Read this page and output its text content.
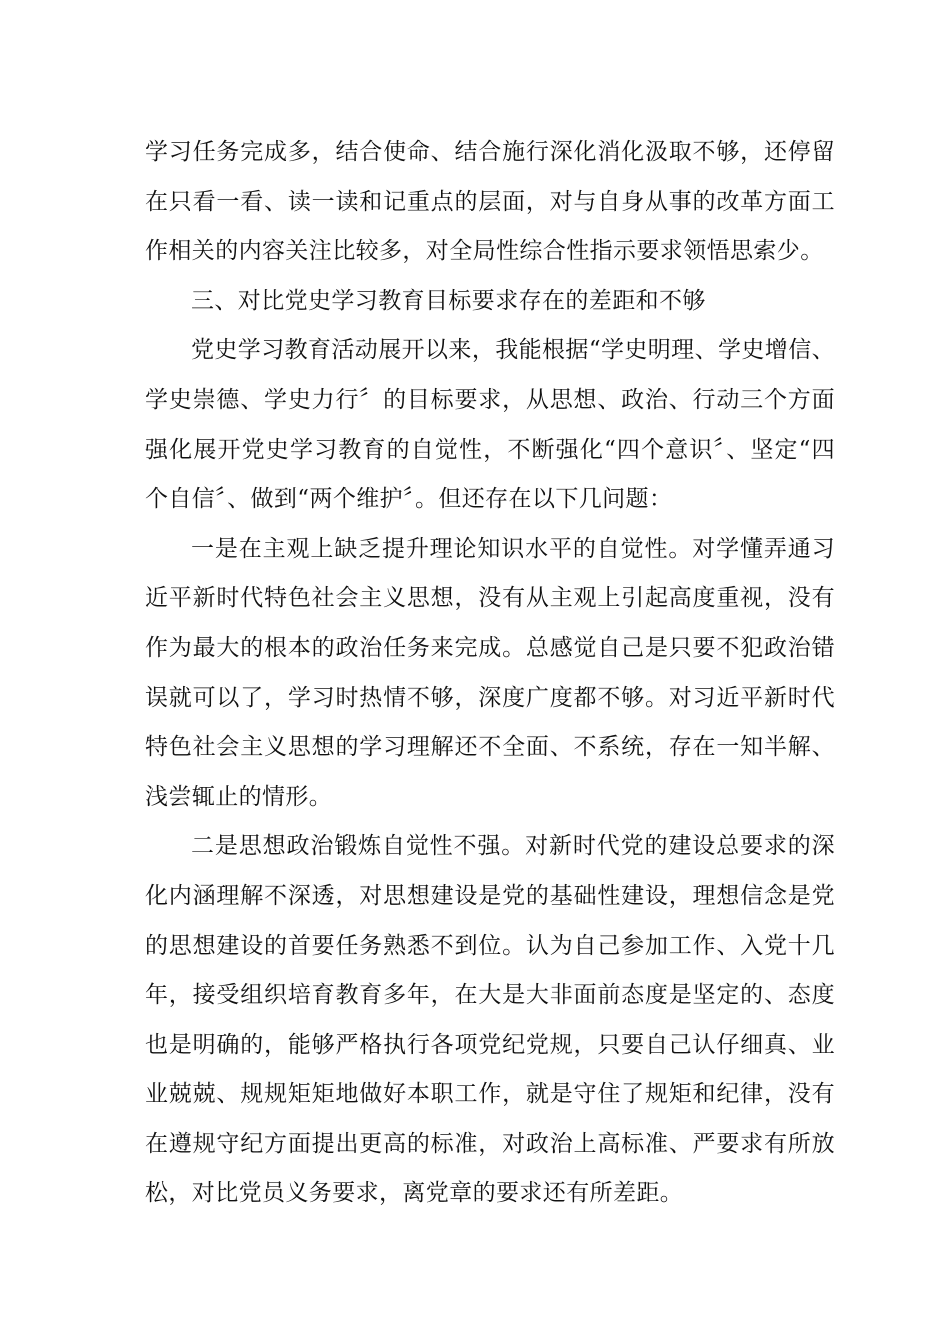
学习任务完成多，结合使命、结合施行深化消化汲取不够，还停留在只看一看、读一读和记重点的层面，对与自身从事的改革方面工作相关的内容关注比较多，对全局性综合性指示要求领悟思索少。

三、对比党史学习教育目标要求存在的差距和不够

党史学习教育活动展开以来，我能根据“学史明理、学史增信、学史崇德、学史力行〞的目标要求，从思想、政治、行动三个方面强化展开党史学习教育的自觉性，不断强化“四个意识〞、坚定“四个自信〞、做到“两个维护〞。但还存在以下几问题：

一是在主观上缺乏提升理论知识水平的自觉性。对学懂弄通习近平新时代特色社会主义思想，没有从主观上引起高度重视，没有作为最大的根本的政治任务来完成。总感觉自己是只要不犯政治错误就可以了，学习时热情不够，深度广度都不够。对习近平新时代特色社会主义思想的学习理解还不全面、不系统，存在一知半解、浅尝辄止的情形。

二是思想政治锻炼自觉性不强。对新时代党的建设总要求的深化内涵理解不深透，对思想建设是党的基础性建设，理想信念是党的思想建设的首要任务熟悉不到位。认为自己参加工作、入党十几年，接受组织培育教育多年，在大是大非面前态度是坚定的、态度也是明确的，能够严格执行各项党纪党规，只要自己认仔细真、业业兢兢、规规矩矩地做好本职工作，就是守住了规矩和纪律，没有在遵规守纪方面提出更高的标准，对政治上高标准、严要求有所放松，对比党员义务要求，离党章的要求还有所差距。
